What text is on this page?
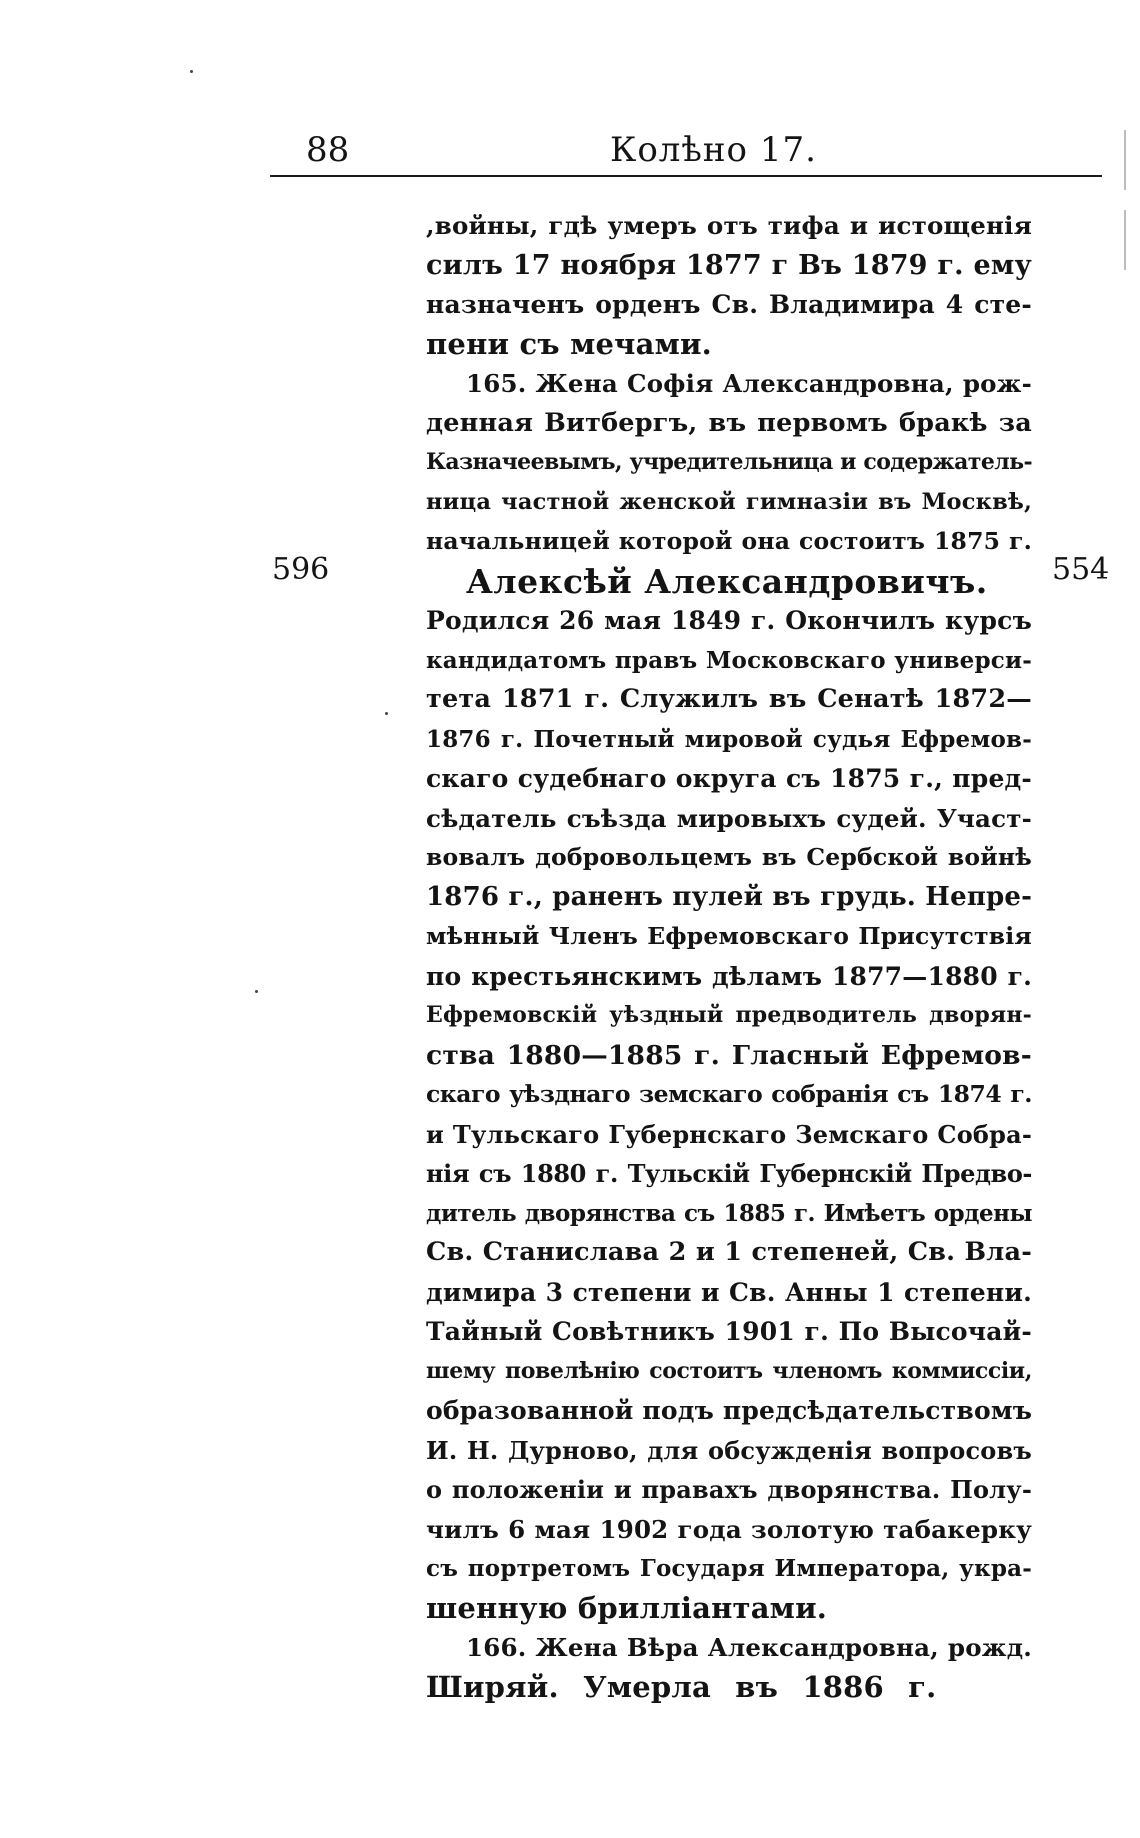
88	Колѣно 17.
596	554
,войны, гдѣ умеръ отъ тифа и истощенія
силъ 17 ноября 1877 г Въ 1879 г. ему
назначенъ орденъ Св. Владимира 4 сте-
пени съ мечами.
165. Жена Софія Александровна, рож-
денная Витбергъ, въ первомъ бракѣ за
Казначеевымъ, учредительница и содержатель-
ница частной женской гимназіи въ Москвѣ,
начальницей которой она состоитъ 1875 г.
Алексѣй Александровичъ.
Родился 26 мая 1849 г. Окончилъ курсъ
кандидатомъ правъ Московскаго универси-
тета 1871 г. Служилъ въ Сенатѣ 1872—
1876 г. Почетный мировой судья Ефремов-
скаго судебнаго округа съ 1875 г., пред-
сѣдатель съѣзда мировыхъ судей. Участ-
вовалъ добровольцемъ въ Сербской войнѣ
1876 г., раненъ пулей въ грудь. Непре-
мѣнный Членъ Ефремовскаго Присутствія
по крестьянскимъ дѣламъ 1877—1880 г.
Ефремовскій уѣздный предводитель дворян-
ства 1880—1885 г. Гласный Ефремов-
скаго уѣзднаго земскаго собранія съ 1874 г.
и Тульскаго Губернскаго Земскаго Собра-
нія съ 1880 г. Тульскій Губернскій Предво-
дитель дворянства съ 1885 г. Имѣетъ ордены
Св. Станислава 2 и 1 степеней, Св. Вла-
димира 3 степени и Св. Анны 1 степени.
Тайный Совѣтникъ 1901 г. По Высочай-
шему повелѣнію состоитъ членомъ коммиссіи,
образованной подъ предсѣдательствомъ
И. Н. Дурново, для обсужденія вопросовъ
о положеніи и правахъ дворянства. Полу-
чилъ 6 мая 1902 года золотую табакерку
съ портретомъ Государя Императора, укра-
шенную брилліантами.
166. Жена Вѣра Александровна, рожд.
Ширяй. Умерла въ 1886 г.
